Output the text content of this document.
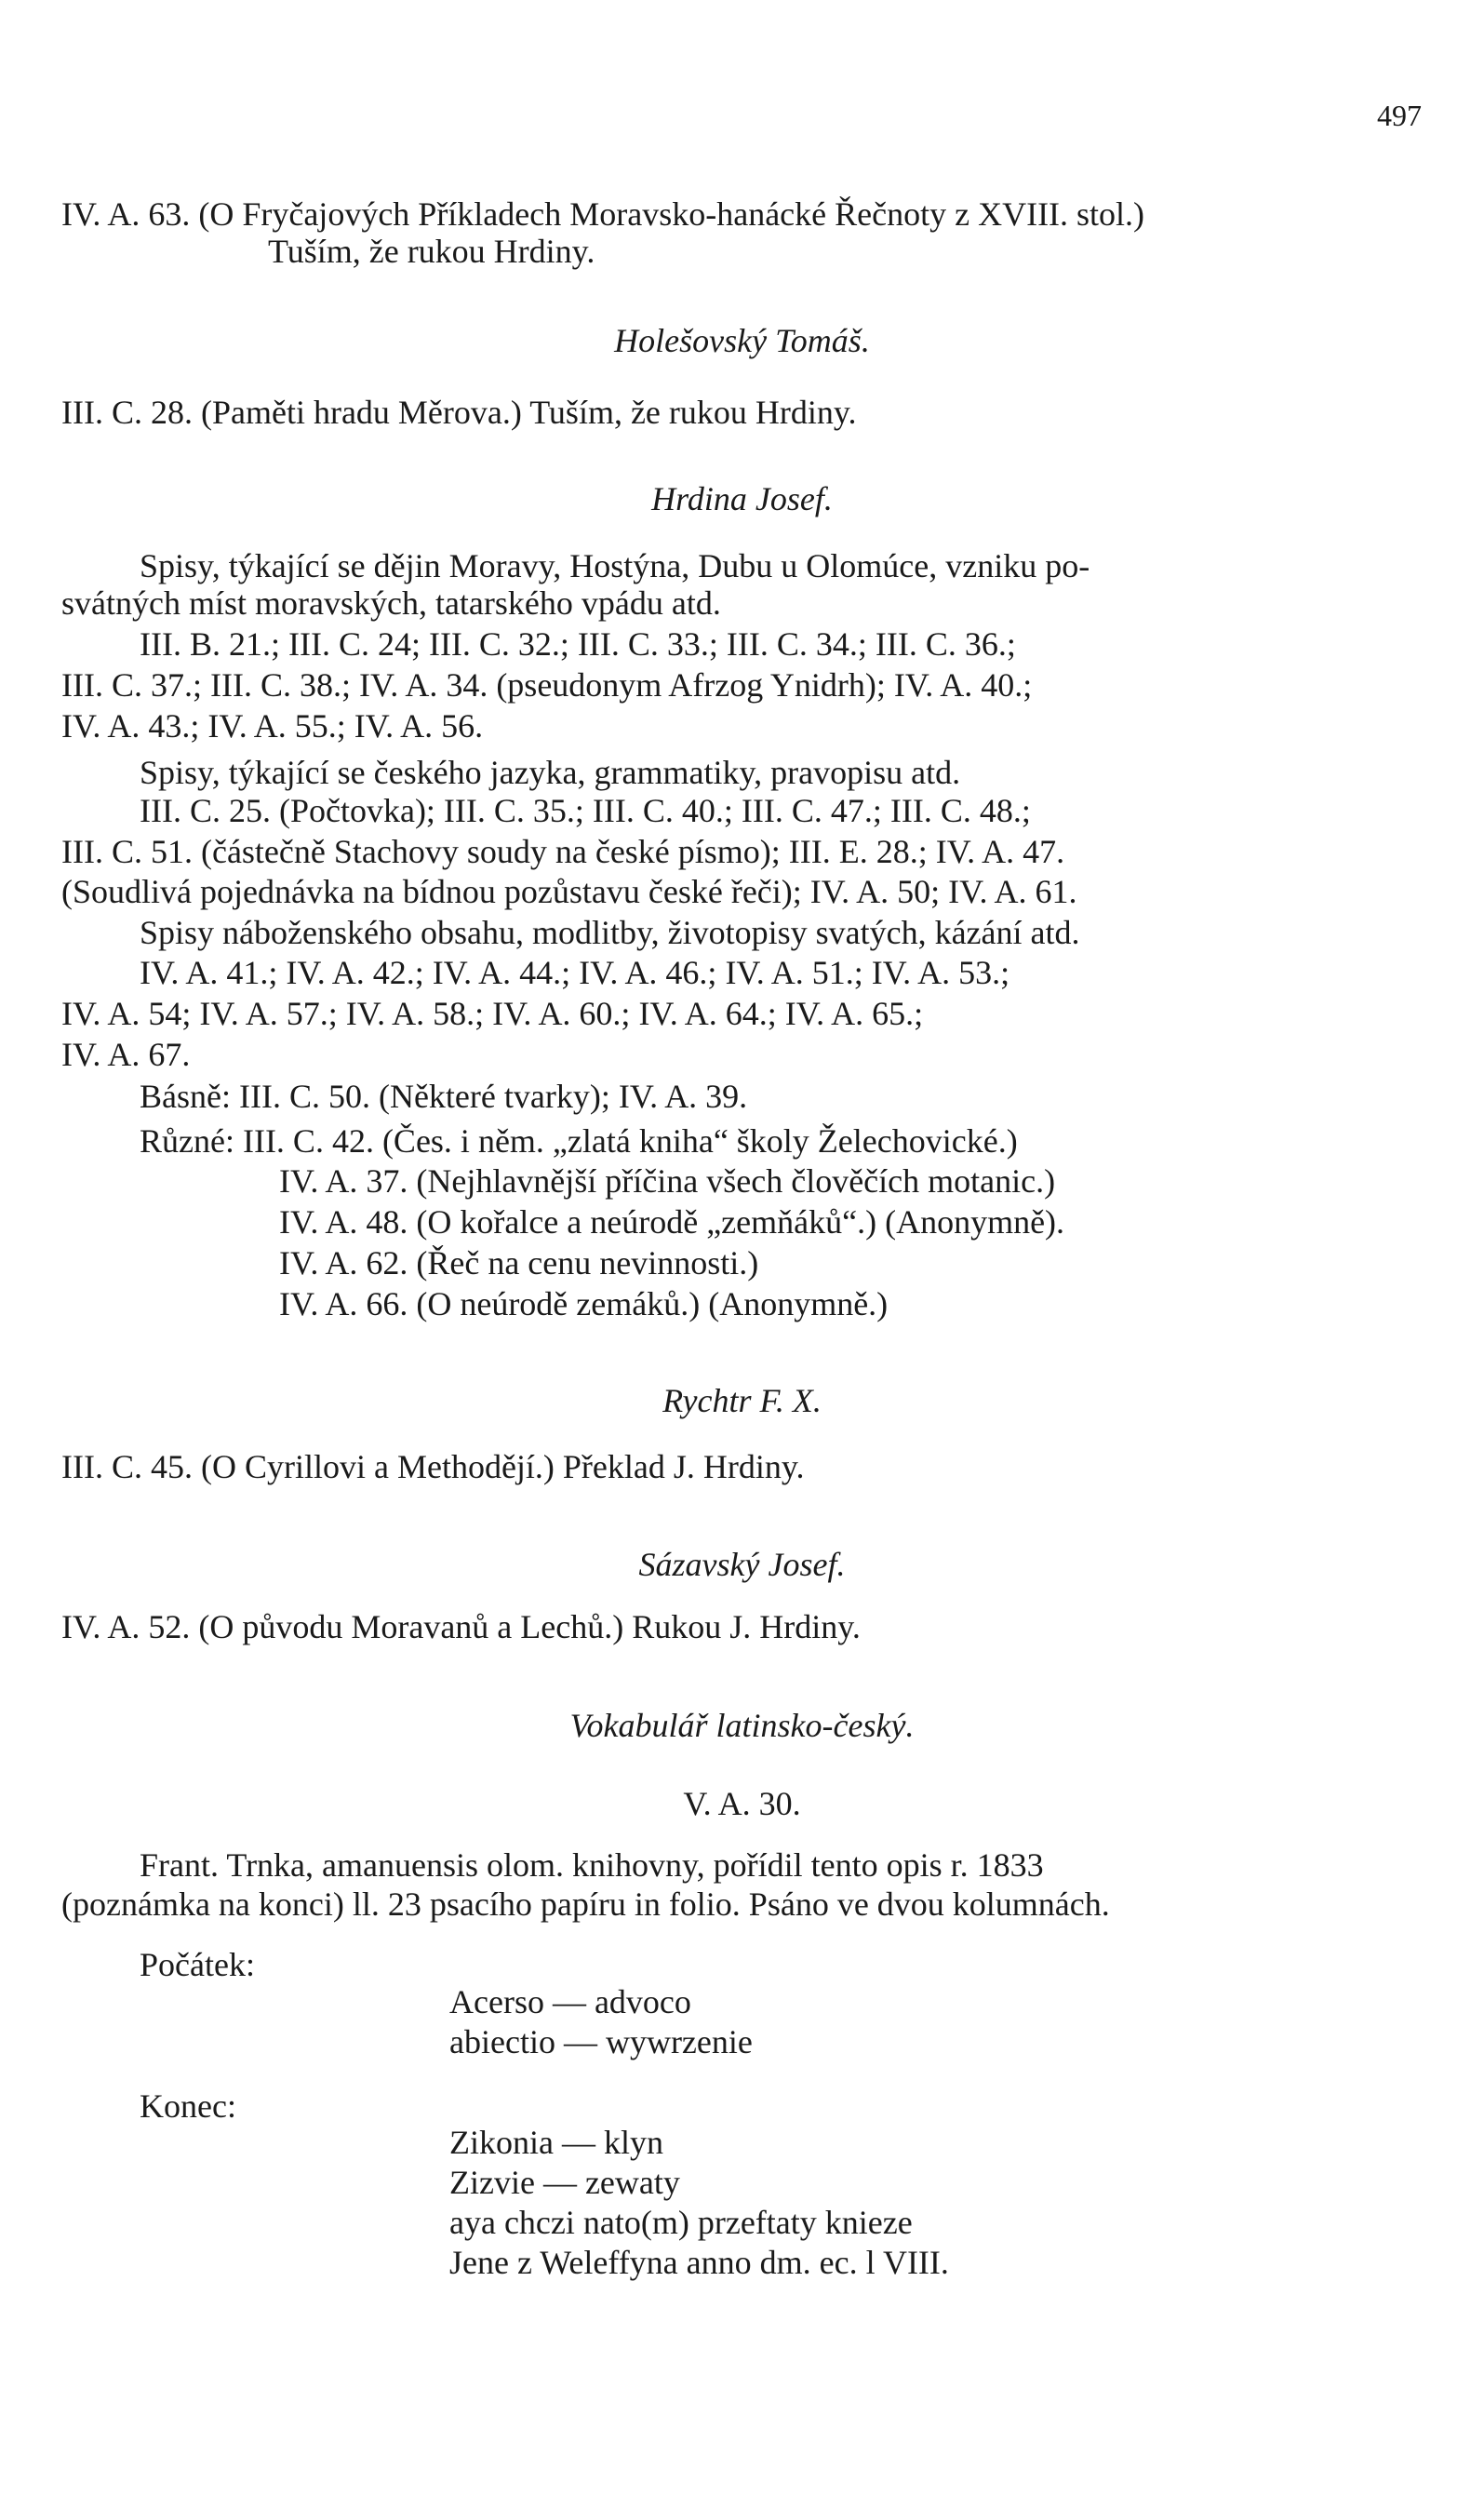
497
IV. A. 63. (O Fryčajových Příkladech Moravsko-hanácké Řečnoty z XVIII. stol.)
Tuším, že rukou Hrdiny.
Holešovský Tomáš.
III. C. 28. (Paměti hradu Měrova.) Tuším, že rukou Hrdiny.
Hrdina Josef.
Spisy, týkající se dějin Moravy, Hostýna, Dubu u Olomúce, vzniku po-
svátných míst moravských, tatarského vpádu atd.
III. B. 21.; III. C. 24; III. C. 32.; III. C. 33.; III. C. 34.; III. C. 36.;
III. C. 37.; III. C. 38.; IV. A. 34. (pseudonym Afrzog Ynidrh); IV. A. 40.;
IV. A. 43.; IV. A. 55.; IV. A. 56.
Spisy, týkající se českého jazyka, grammatiky, pravopisu atd.
III. C. 25. (Počtovka); III. C. 35.; III. C. 40.; III. C. 47.; III. C. 48.;
III. C. 51. (částečně Stachovy soudy na české písmo); III. E. 28.; IV. A. 47.
(Soudlivá pojednávka na bídnou pozůstavu české řeči); IV. A. 50; IV. A. 61.
Spisy náboženského obsahu, modlitby, životopisy svatých, kázání atd.
IV. A. 41.; IV. A. 42.; IV. A. 44.; IV. A. 46.; IV. A. 51.; IV. A. 53.;
IV. A. 54; IV. A. 57.; IV. A. 58.; IV. A. 60.; IV. A. 64.; IV. A. 65.;
IV. A. 67.
Básně: III. C. 50. (Některé tvarky); IV. A. 39.
Různé: III. C. 42. (Čes. i něm. „zlatá kniha“ školy Želechovické.)
IV. A. 37. (Nejhlavnější příčina všech člověčích motanic.)
IV. A. 48. (O kořalce a neúrodě „zemňáků“.) (Anonymně).
IV. A. 62. (Řeč na cenu nevinnosti.)
IV. A. 66. (O neúrodě zemáků.) (Anonymně.)
Rychtr F. X.
III. C. 45. (O Cyrillovi a Methodějí.) Překlad J. Hrdiny.
Sázavský Josef.
IV. A. 52. (O původu Moravanů a Lechů.) Rukou J. Hrdiny.
Vokabulář latinsko-český.
V. A. 30.
Frant. Trnka, amanuensis olom. knihovny, pořídil tento opis r. 1833
(poznámka na konci) ll. 23 psacího papíru in folio. Psáno ve dvou kolumnách.
Počátek:
Acerso — advoco
abiectio — wywrzenie
Konec:
Zikonia — klyn
Zizvie — zewaty
aya chczi nato(m) przeftaty knieze
Jene z Weleffyna anno dm. ec. l VIII.
